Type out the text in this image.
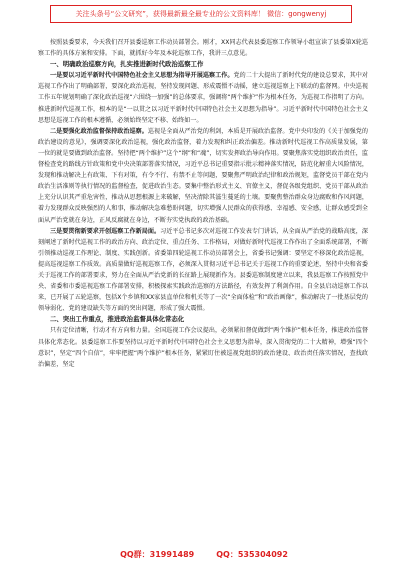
关注头条号“公文研究”，获得最新最全最专业的公文资料库！ 微信：gongwenyj

按照县委要求，今天我们召开县委巡察工作动员部署会。刚才，XX同志代表县委巡察工作领导小组宣读了县委第X轮巡察工作的具体方案和安排。下面，就抓好今年及本轮巡察工作，我讲三点意见。

一、明确政治巡察方向，扎实推进新时代政治巡察工作

一是要以习近平新时代中国特色社会主义思想为指导开展巡察工作。党的二十大提出了新时代党的建设总要求，其中对巡视工作作出了明确部署，要深化政治巡视，坚持发现问题、形成震慑不动摇，建立巡视巡察上下联动的监督网。中央巡视工作五年规划明确了深化政治巡视“六围绕一加强”的总体要求，强调将“两个维护”作为根本任务，为巡视工作指明了方向。推进新时代巡视工作，根本的是“一以贯之以习近平新时代中国特色社会主义思想为指导”。习近平新时代中国特色社会主义思想是巡视工作的根本遵循，必须始终坚定不移、始终如一。

二是要强化政治监督保持政治巡察。巡视是全面从严治党的利剑，本质是开展政治监督。党中央印发的《关于加强党的政治建设的意见》，强调要深化政治巡视，强化政治监督，着力发现和纠正政治偏差。推动新时代巡视工作高质量发展，第一位的就是要做到政治监督。坚持把“两个维护”这个“纲”和“魂”，切实发挥政治导向作用。要聚焦落实党组织政治责任，监督检查党的路线方针政策和党中央决策部署落实情况，习近平总书记重要指示批示精神落实情况，防范化解重大风险情况，发现和推动解决上有政策、下有对策，有令不行、有禁不止等问题，要聚焦严明政治纪律和政治规矩，监督党员干部在党内政治生活准则等执行情况的监督检查，促进政治生态。要集中整治形式主义、官僚主义，督促各级党组织、党员干部从政治上充分认识其严重危害性，推动从思想根源上来破解，坚决清除其滋生蔓延的土壤。要聚焦整治群众身边腐败和作风问题，着力发现群众反映强烈的人和事，推动解决急难愁盼问题，切实增强人民群众的获得感、幸福感、安全感，让群众感受到全面从严治党就在身边，正风反腐就在身边，不断夯实党执政的政治基础。

三是要贯彻新要求开创巡察工作新局面。习近平总书记多次对巡视工作发表专门讲话，从全面从严治党的战略高度，深刻阐述了新时代巡视工作的政治方向、政治定位、重点任务、工作格局，对做好新时代巡视工作作出了全面系统部署，不断引领推动巡视工作理论、制度、实践创新。省委第四轮巡视工作动员部署会上，省委书记强调：要坚定不移深化政治巡视，提高巡视巡察工作质效。高质量做好巡视巡察工作，必须深入贯彻习近平总书记关于巡视工作的重要论述，坚持中央和省委关于巡视工作的部署要求，努力在全面从严治党新的长征路上展现新作为。县委巡察制度建立以来，我县巡察工作按照党中央、省委和市委巡视巡察工作部署安排，积极探索实践政治巡察的方法路径，有效发挥了利剑作用。自全县启动巡察工作以来，已开展了五轮巡察，包括X个乡镇和XX家县直单位和机关等了一次“全面体检”和“政治画像”，推动解决了一批基层党的领导弱化、党的建设缺失等方面的突出问题，形成了强大震慑。

二、突出工作重点，推进政治监督具体化常态化

只有定位清晰，行动才有方向和力量。全国巡视工作会议提出，必须紧扣督促做到“两个维护”根本任务，推进政治监督具体化常态化。县委巡察工作要坚持以习近平新时代中国特色社会主义思想为指导，深入贯彻党的二十大精神，增强“四个意识”，坚定“四个自信”，牢牢把握“两个维护”根本任务，紧紧盯住被巡视党组织的政治建设、政治责任落实情况，查找政治偏差，坚定

QQ群：31991489	QQ：535304092
